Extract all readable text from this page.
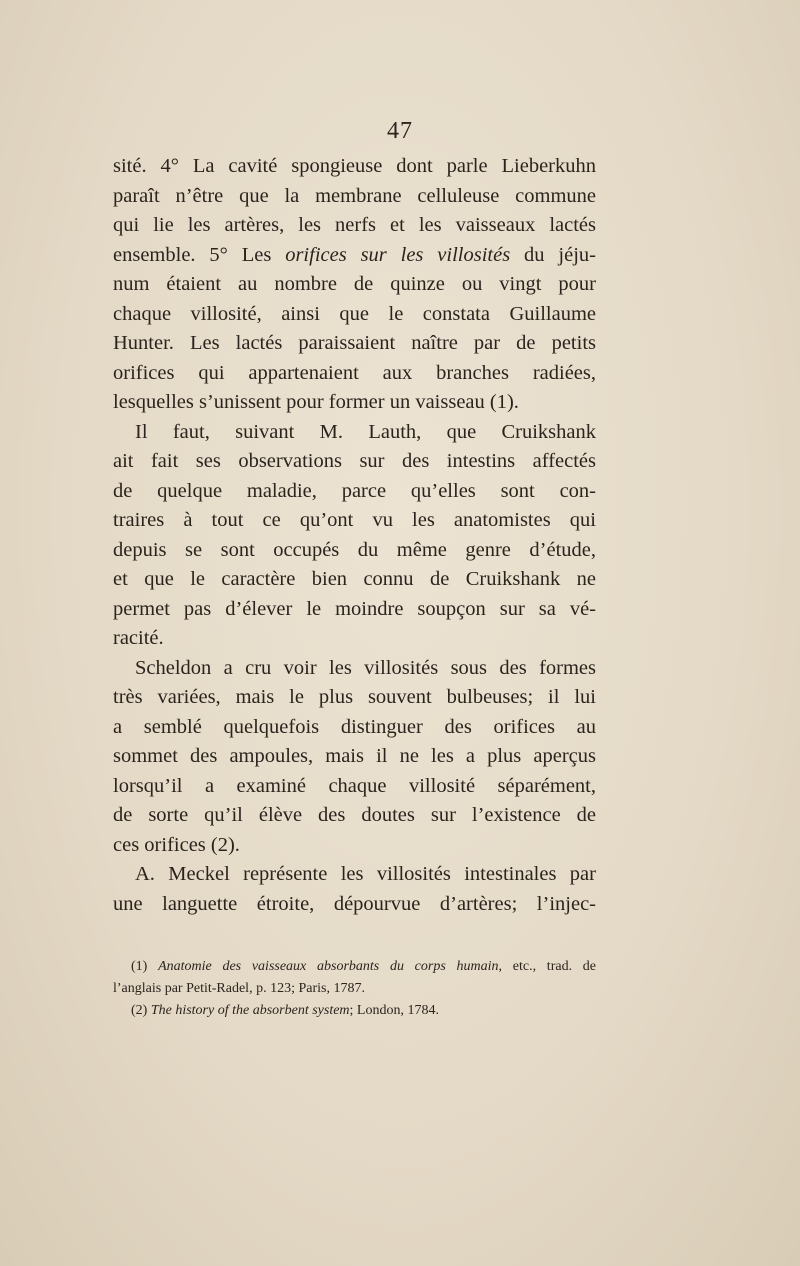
47
sité. 4° La cavité spongieuse dont parle Lieberkuhn
paraît n’être que la membrane celluleuse commune
qui lie les artères, les nerfs et les vaisseaux lactés
ensemble. 5° Les orifices sur les villosités du jéju-
num étaient au nombre de quinze ou vingt pour
chaque villosité, ainsi que le constata Guillaume
Hunter. Les lactés paraissaient naître par de petits
orifices qui appartenaient aux branches radiées,
lesquelles s’unissent pour former un vaisseau (1).
Il faut, suivant M. Lauth, que Cruikshank
ait fait ses observations sur des intestins affectés
de quelque maladie, parce qu’elles sont con-
traires à tout ce qu’ont vu les anatomistes qui
depuis se sont occupés du même genre d’étude,
et que le caractère bien connu de Cruikshank ne
permet pas d’élever le moindre soupçon sur sa vé-
racité.
Scheldon a cru voir les villosités sous des formes
très variées, mais le plus souvent bulbeuses; il lui
a semblé quelquefois distinguer des orifices au
sommet des ampoules, mais il ne les a plus aperçus
lorsqu’il a examiné chaque villosité séparément,
de sorte qu’il élève des doutes sur l’existence de
ces orifices (2).
A. Meckel représente les villosités intestinales par
une languette étroite, dépourvue d’artères; l’injec-
(1) Anatomie des vaisseaux absorbants du corps humain, etc., trad. de
l’anglais par Petit-Radel, p. 123; Paris, 1787.
(2) The history of the absorbent system; London, 1784.
